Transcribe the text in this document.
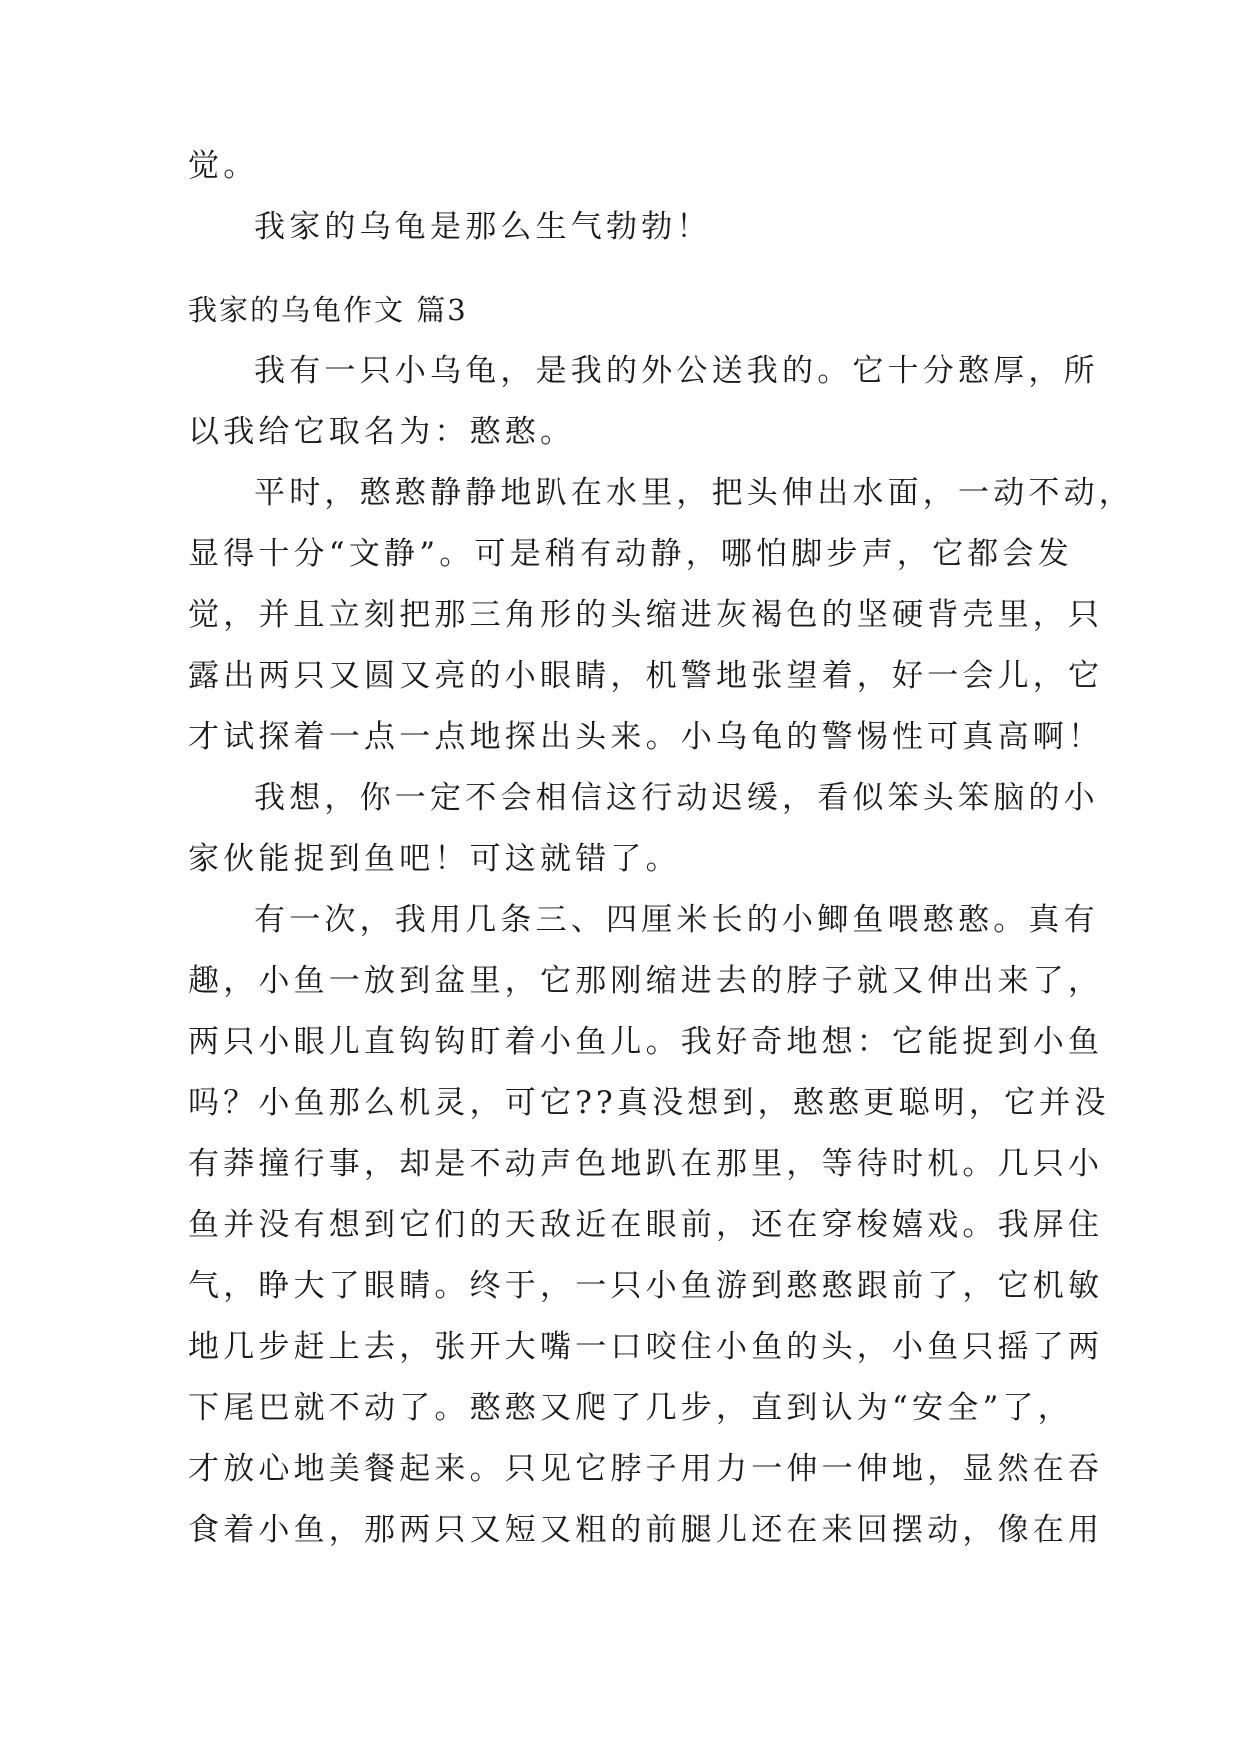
觉。

我家的乌龟是那么生气勃勃！

我家的乌龟作文 篇3

我有一只小乌龟，是我的外公送我的。它十分憨厚，所

以我给它取名为：憨憨。

平时，憨憨静静地趴在水里，把头伸出水面，一动不动，

显得十分“文静”。可是稍有动静，哪怕脚步声，它都会发

觉，并且立刻把那三角形的头缩进灰褐色的坚硬背壳里，只

露出两只又圆又亮的小眼睛，机警地张望着，好一会儿，它

才试探着一点一点地探出头来。小乌龟的警惕性可真高啊！

我想，你一定不会相信这行动迟缓，看似笨头笨脑的小

家伙能捉到鱼吧！可这就错了。

有一次，我用几条三、四厘米长的小鲫鱼喂憨憨。真有

趣，小鱼一放到盆里，它那刚缩进去的脖子就又伸出来了，

两只小眼儿直钩钩盯着小鱼儿。我好奇地想：它能捉到小鱼

吗？小鱼那么机灵，可它??真没想到，憨憨更聪明，它并没

有莽撞行事，却是不动声色地趴在那里，等待时机。几只小

鱼并没有想到它们的天敌近在眼前，还在穿梭嬉戏。我屏住

气，睁大了眼睛。终于，一只小鱼游到憨憨跟前了，它机敏

地几步赶上去，张开大嘴一口咬住小鱼的头，小鱼只摇了两

下尾巴就不动了。憨憨又爬了几步，直到认为“安全”了，

才放心地美餐起来。只见它脖子用力一伸一伸地，显然在吞

食着小鱼，那两只又短又粗的前腿儿还在来回摆动，像在用
